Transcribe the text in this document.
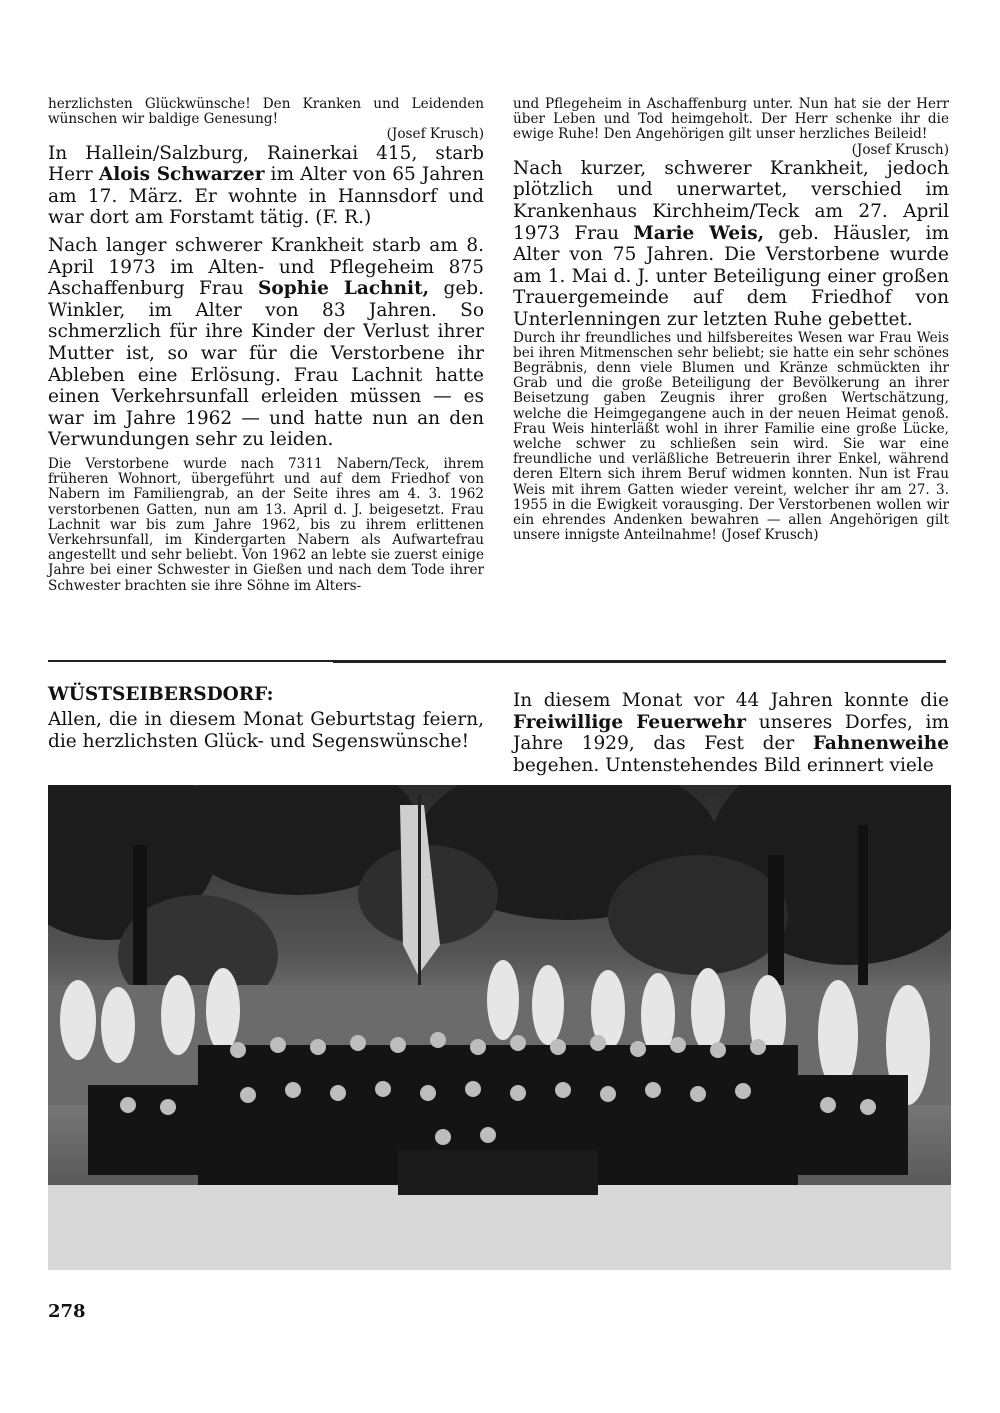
herzlichsten Glückwünsche! Den Kranken und Leidenden wünschen wir baldige Genesung!

(Josef Krusch)

In Hallein/Salzburg, Rainerkai 415, starb Herr Alois Schwarzer im Alter von 65 Jahren am 17. März. Er wohnte in Hannsdorf und war dort am Forstamt tätig. (F. R.)

Nach langer schwerer Krankheit starb am 8. April 1973 im Alten- und Pflegeheim 875 Aschaffenburg Frau Sophie Lachnit, geb. Winkler, im Alter von 83 Jahren. So schmerzlich für ihre Kinder der Verlust ihrer Mutter ist, so war für die Verstorbene ihr Ableben eine Erlösung. Frau Lachnit hatte einen Verkehrsunfall erleiden müssen — es war im Jahre 1962 — und hatte nun an den Verwundungen sehr zu leiden.

Die Verstorbene wurde nach 7311 Nabern/Teck, ihrem früheren Wohnort, übergeführt und auf dem Friedhof von Nabern im Familiengrab, an der Seite ihres am 4. 3. 1962 verstorbenen Gatten, nun am 13. April d. J. beigesetzt. Frau Lachnit war bis zum Jahre 1962, bis zu ihrem erlittenen Verkehrsunfall, im Kindergarten Nabern als Aufwartefrau angestellt und sehr beliebt. Von 1962 an lebte sie zuerst einige Jahre bei einer Schwester in Gießen und nach dem Tode ihrer Schwester brachten sie ihre Söhne im Alters-

und Pflegeheim in Aschaffenburg unter. Nun hat sie der Herr über Leben und Tod heimgeholt. Der Herr schenke ihr die ewige Ruhe! Den Angehörigen gilt unser herzliches Beileid!

(Josef Krusch)

Nach kurzer, schwerer Krankheit, jedoch plötzlich und unerwartet, verschied im Krankenhaus Kirchheim/Teck am 27. April 1973 Frau Marie Weis, geb. Häusler, im Alter von 75 Jahren. Die Verstorbene wurde am 1. Mai d. J. unter Beteiligung einer großen Trauergemeinde auf dem Friedhof von Unterlenningen zur letzten Ruhe gebettet.

Durch ihr freundliches und hilfsbereites Wesen war Frau Weis bei ihren Mitmenschen sehr beliebt; sie hatte ein sehr schönes Begräbnis, denn viele Blumen und Kränze schmückten ihr Grab und die große Beteiligung der Bevölkerung an ihrer Beisetzung gaben Zeugnis ihrer großen Wertschätzung, welche die Heimgegangene auch in der neuen Heimat genoß. Frau Weis hinterläßt wohl in ihrer Familie eine große Lücke, welche schwer zu schließen sein wird. Sie war eine freundliche und verläßliche Betreuerin ihrer Enkel, während deren Eltern sich ihrem Beruf widmen konnten. Nun ist Frau Weis mit ihrem Gatten wieder vereint, welcher ihr am 27. 3. 1955 in die Ewigkeit vorausging. Der Verstorbenen wollen wir ein ehrendes Andenken bewahren — allen Angehörigen gilt unsere innigste Anteilnahme! (Josef Krusch)

WÜSTSEIBERSDORF:

Allen, die in diesem Monat Geburtstag feiern, die herzlichsten Glück- und Segenswünsche!

In diesem Monat vor 44 Jahren konnte die Freiwillige Feuerwehr unseres Dorfes, im Jahre 1929, das Fest der Fahnenweihe begehen. Untenstehendes Bild erinnert viele

278
